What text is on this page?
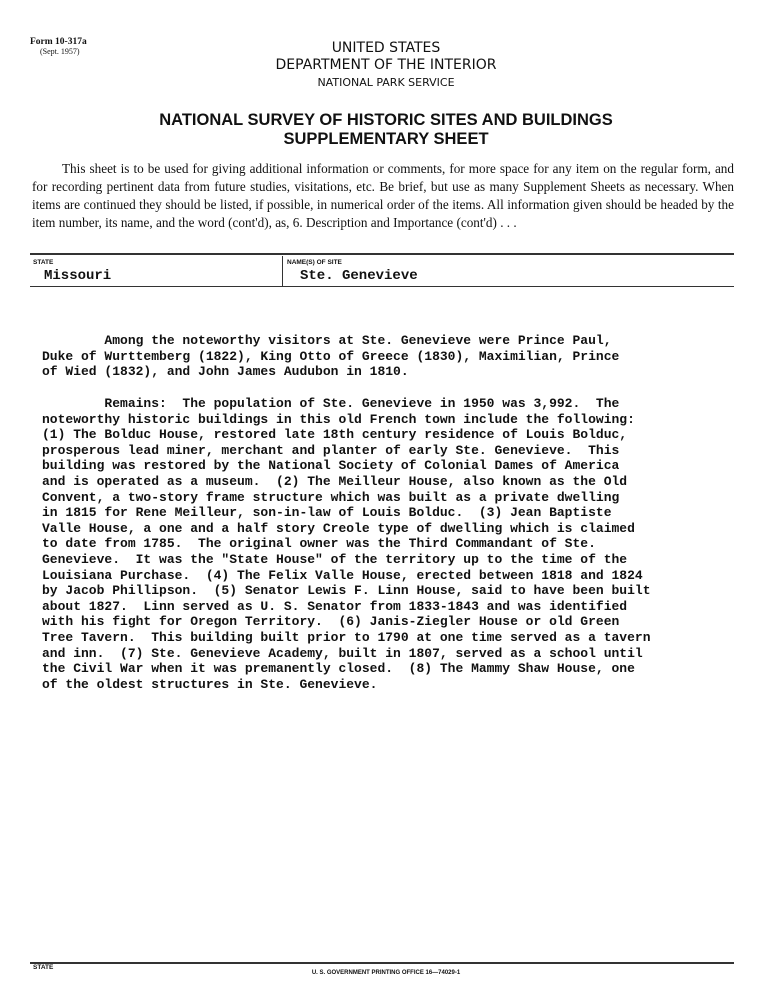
Form 10-317a
(Sept. 1957)	UNITED STATES
DEPARTMENT OF THE INTERIOR
NATIONAL PARK SERVICE
NATIONAL SURVEY OF HISTORIC SITES AND BUILDINGS
SUPPLEMENTARY SHEET
This sheet is to be used for giving additional information or comments, for more space for any item on the regular form, and for recording pertinent data from future studies, visitations, etc. Be brief, but use as many Supplement Sheets as necessary. When items are continued they should be listed, if possible, in numerical order of the items. All information given should be headed by the item number, its name, and the word (cont'd), as, 6. Description and Importance (cont'd) . . .
STATE
Missouri
NAME(S) OF SITE
Ste. Genevieve
Among the noteworthy visitors at Ste. Genevieve were Prince Paul,
Duke of Wurttemberg (1822), King Otto of Greece (1830), Maximilian, Prince
of Wied (1832), and John James Audubon in 1810.
Remains:  The population of Ste. Genevieve in 1950 was 3,992.  The
noteworthy historic buildings in this old French town include the following:
(1) The Bolduc House, restored late 18th century residence of Louis Bolduc,
prosperous lead miner, merchant and planter of early Ste. Genevieve.  This
building was restored by the National Society of Colonial Dames of America
and is operated as a museum.  (2) The Meilleur House, also known as the Old
Convent, a two-story frame structure which was built as a private dwelling
in 1815 for Rene Meilleur, son-in-law of Louis Bolduc.  (3) Jean Baptiste
Valle House, a one and a half story Creole type of dwelling which is claimed
to date from 1785.  The original owner was the Third Commandant of Ste.
Genevieve.  It was the "State House" of the territory up to the time of the
Louisiana Purchase.  (4) The Felix Valle House, erected between 1818 and 1824
by Jacob Phillipson.  (5) Senator Lewis F. Linn House, said to have been built
about 1827.  Linn served as U. S. Senator from 1833-1843 and was identified
with his fight for Oregon Territory.  (6) Janis-Ziegler House or old Green
Tree Tavern.  This building built prior to 1790 at one time served as a tavern
and inn.  (7) Ste. Genevieve Academy, built in 1807, served as a school until
the Civil War when it was premanently closed.  (8) The Mammy Shaw House, one
of the oldest structures in Ste. Genevieve.
STATE
U. S. GOVERNMENT PRINTING OFFICE 16—74029-1
